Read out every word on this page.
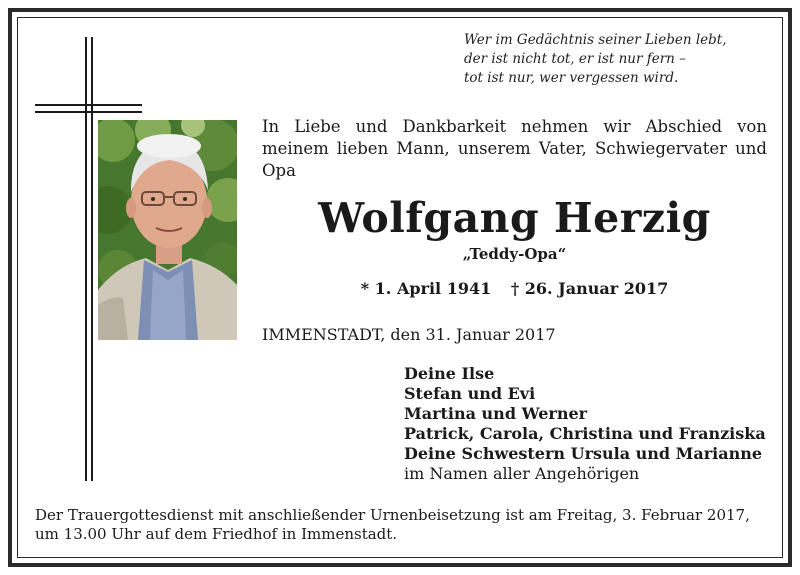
Wer im Gedächtnis seiner Lieben lebt,
der ist nicht tot, er ist nur fern –
tot ist nur, wer vergessen wird.
In Liebe und Dankbarkeit nehmen wir Abschied von meinem lieben Mann, unserem Vater, Schwiegervater und Opa
Wolfgang Herzig
„Teddy-Opa“
* 1. April 1941 † 26. Januar 2017
IMMENSTADT, den 31. Januar 2017
Deine Ilse
Stefan und Evi
Martina und Werner
Patrick, Carola, Christina und Franziska
Deine Schwestern Ursula und Marianne
im Namen aller Angehörigen
Der Trauergottesdienst mit anschließender Urnenbeisetzung ist am Freitag, 3. Februar 2017, um 13.00 Uhr auf dem Friedhof in Immenstadt.
